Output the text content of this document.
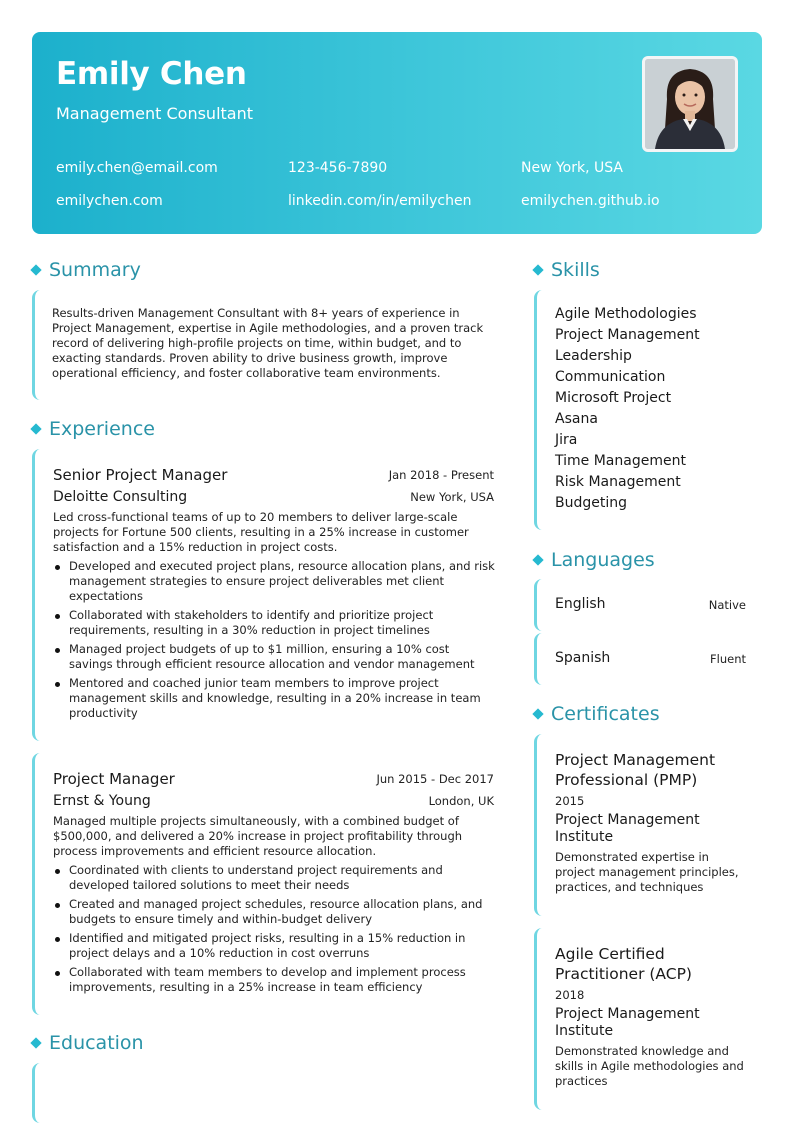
Emily Chen
Management Consultant
emily.chen@email.com	123-456-7890	New York, USA
emilychen.com	linkedin.com/in/emilychen	emilychen.github.io
Summary
Results-driven Management Consultant with 8+ years of experience in Project Management, expertise in Agile methodologies, and a proven track record of delivering high-profile projects on time, within budget, and to exacting standards. Proven ability to drive business growth, improve operational efficiency, and foster collaborative team environments.
Experience
Senior Project Manager	Jan 2018 - Present
Deloitte Consulting	New York, USA
Led cross-functional teams of up to 20 members to deliver large-scale projects for Fortune 500 clients, resulting in a 25% increase in customer satisfaction and a 15% reduction in project costs.
Developed and executed project plans, resource allocation plans, and risk management strategies to ensure project deliverables met client expectations
Collaborated with stakeholders to identify and prioritize project requirements, resulting in a 30% reduction in project timelines
Managed project budgets of up to $1 million, ensuring a 10% cost savings through efficient resource allocation and vendor management
Mentored and coached junior team members to improve project management skills and knowledge, resulting in a 20% increase in team productivity
Project Manager	Jun 2015 - Dec 2017
Ernst & Young	London, UK
Managed multiple projects simultaneously, with a combined budget of $500,000, and delivered a 20% increase in project profitability through process improvements and efficient resource allocation.
Coordinated with clients to understand project requirements and developed tailored solutions to meet their needs
Created and managed project schedules, resource allocation plans, and budgets to ensure timely and within-budget delivery
Identified and mitigated project risks, resulting in a 15% reduction in project delays and a 10% reduction in cost overruns
Collaborated with team members to develop and implement process improvements, resulting in a 25% increase in team efficiency
Education
Skills
Agile Methodologies
Project Management
Leadership
Communication
Microsoft Project
Asana
Jira
Time Management
Risk Management
Budgeting
Languages
English	Native
Spanish	Fluent
Certificates
Project Management Professional (PMP)
2015
Project Management Institute
Demonstrated expertise in project management principles, practices, and techniques
Agile Certified Practitioner (ACP)
2018
Project Management Institute
Demonstrated knowledge and skills in Agile methodologies and practices
